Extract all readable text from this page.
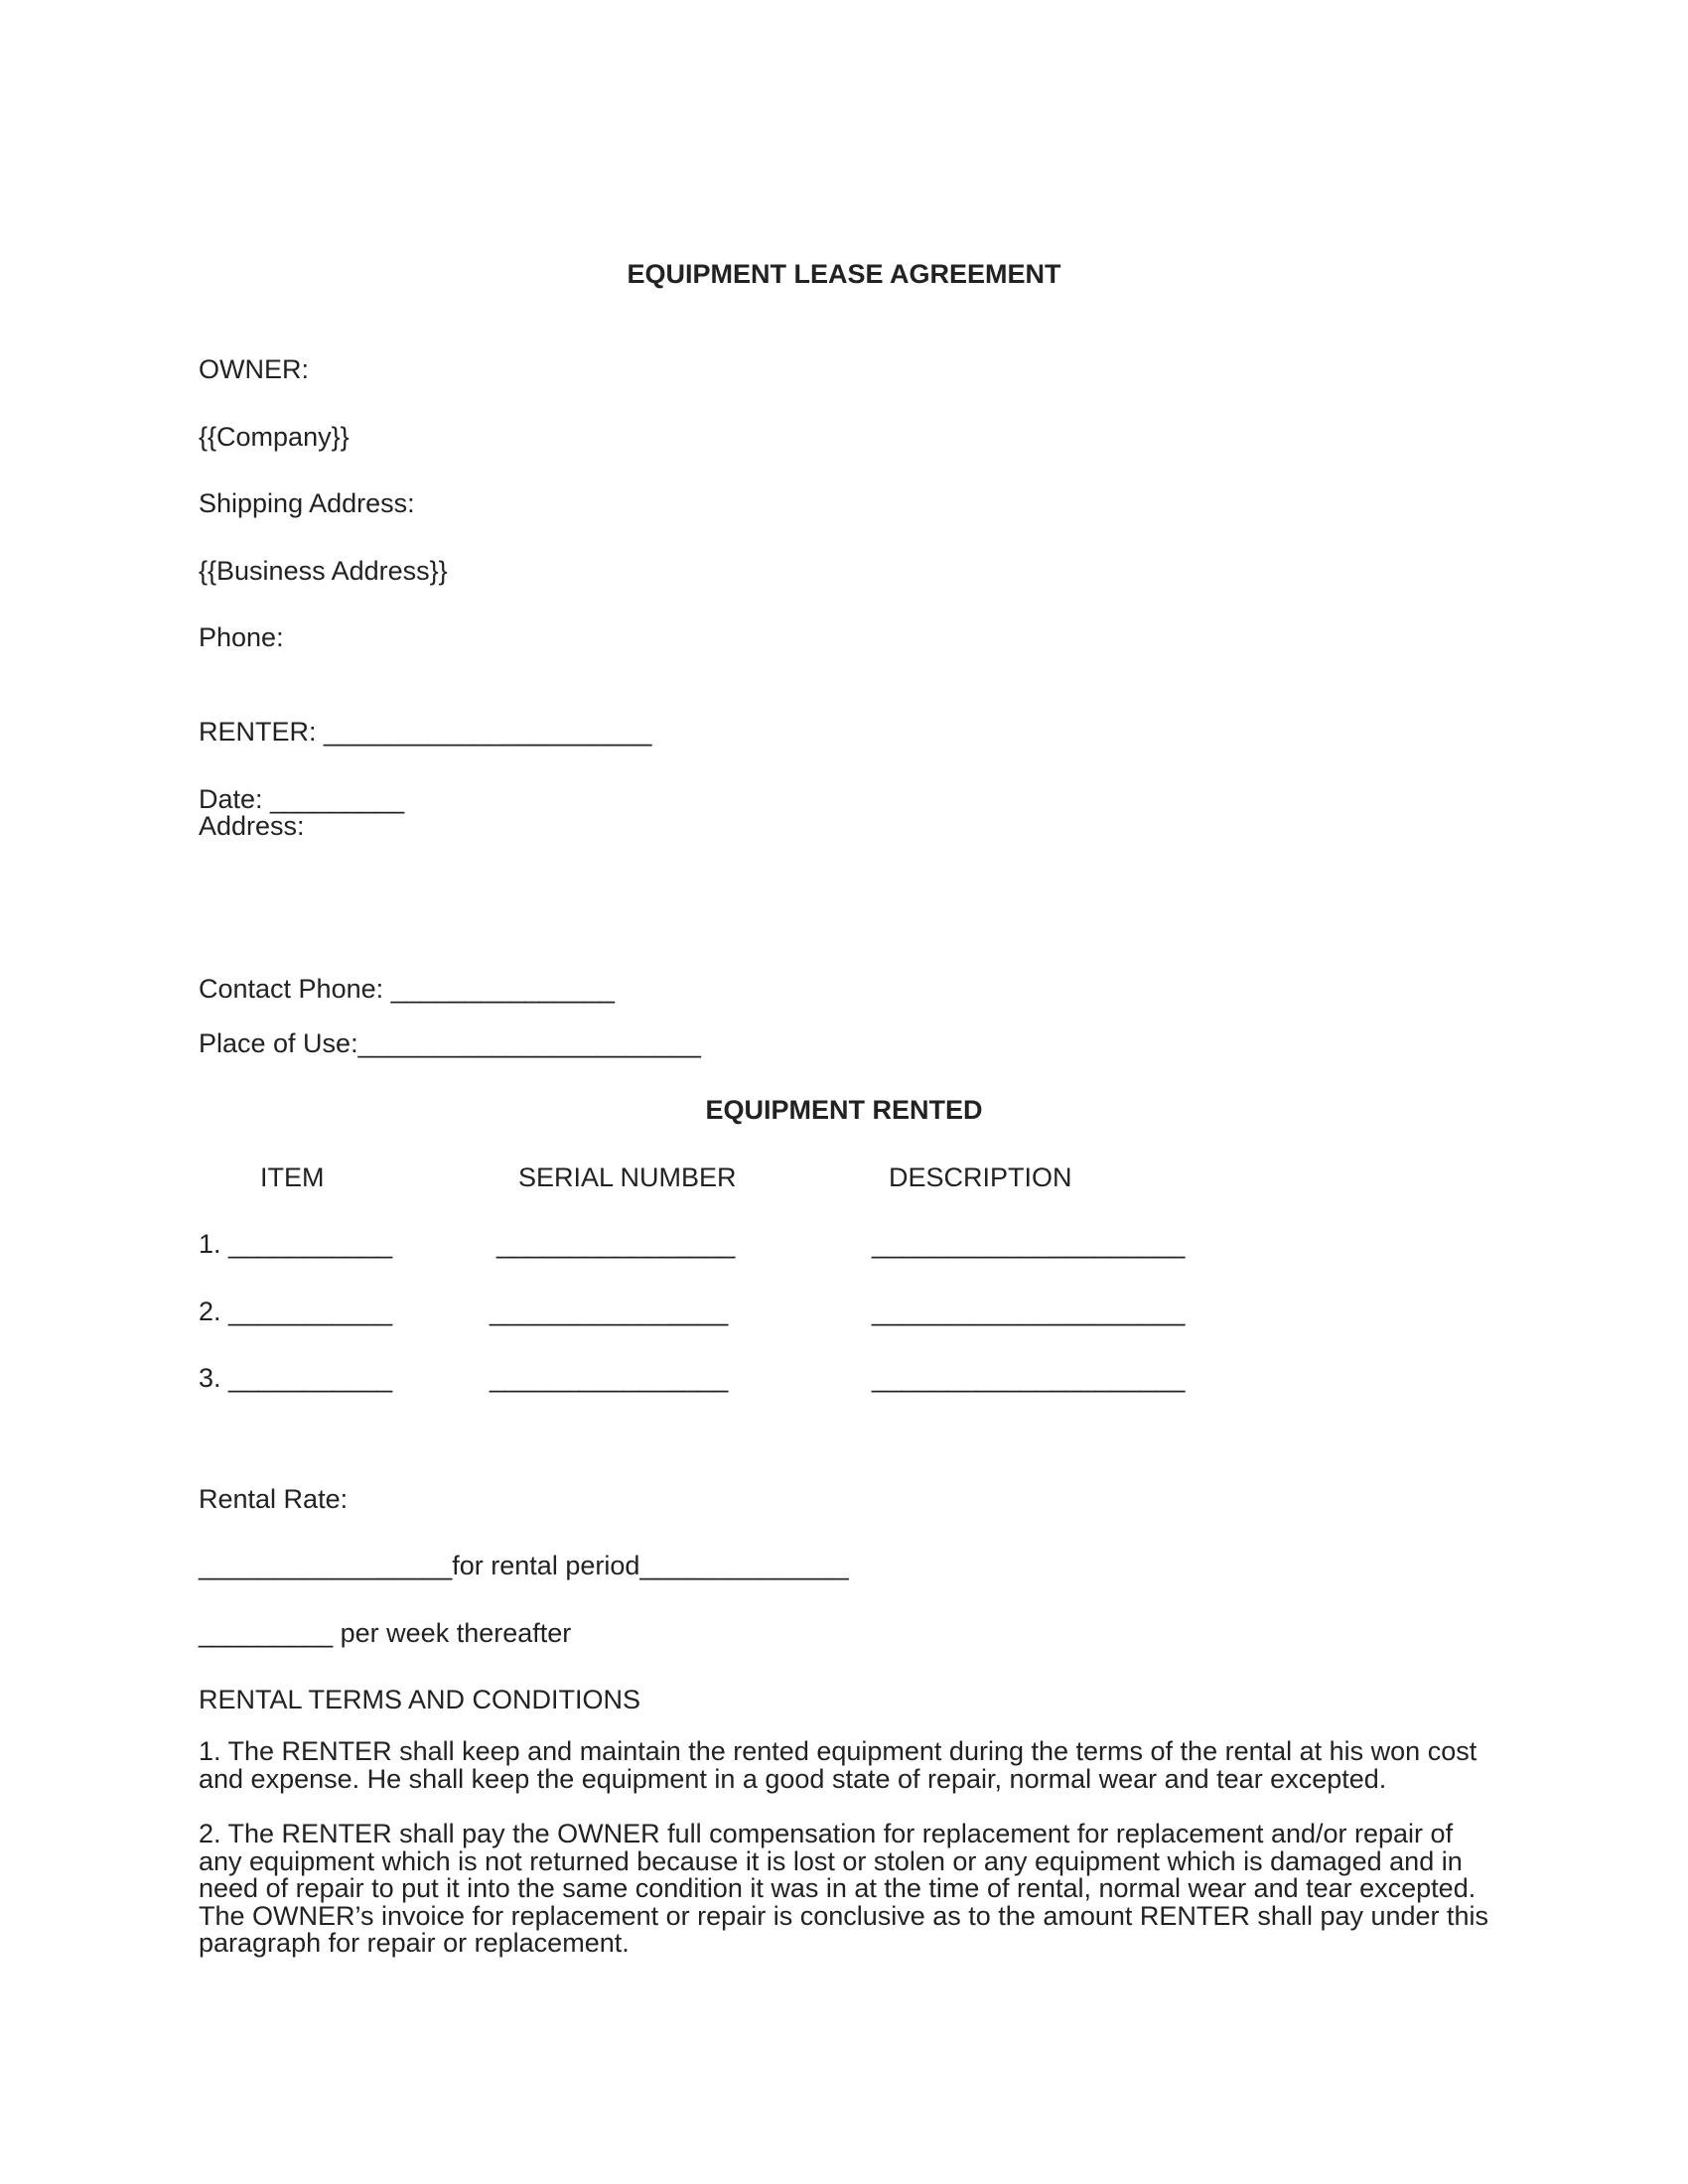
EQUIPMENT LEASE AGREEMENT
OWNER:
{{Company}}
Shipping Address:
{{Business Address}}
Phone:
RENTER: ______________________
Date: _________
Address:
Contact Phone: _______________
Place of Use:_______________________
EQUIPMENT RENTED
ITEM	SERIAL NUMBER	DESCRIPTION
1. ___________	________________	_____________________
2. ___________	________________	_____________________
3. ___________	________________	_____________________
Rental Rate:
_________________for rental period______________
_________ per week thereafter
RENTAL TERMS AND CONDITIONS
1. The RENTER shall keep and maintain the rented equipment during the terms of the rental at his won cost and expense. He shall keep the equipment in a good state of repair, normal wear and tear excepted.
2. The RENTER shall pay the OWNER full compensation for replacement for replacement and/or repair of any equipment which is not returned because it is lost or stolen or any equipment which is damaged and in need of repair to put it into the same condition it was in at the time of rental, normal wear and tear excepted. The OWNER’s invoice for replacement or repair is conclusive as to the amount RENTER shall pay under this paragraph for repair or replacement.
